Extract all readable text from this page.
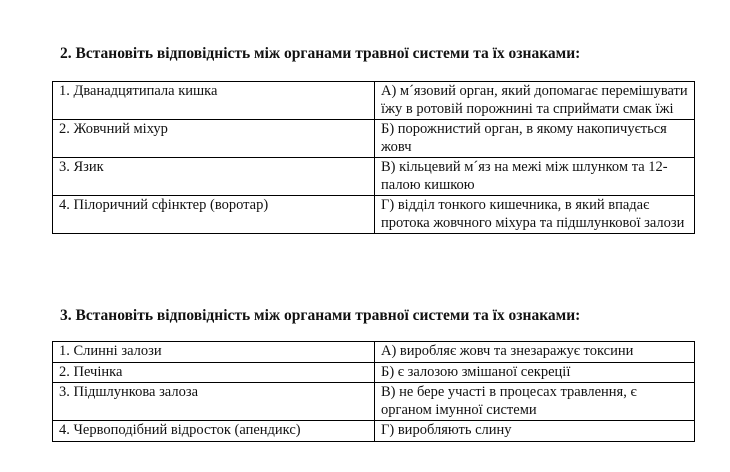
2. Встановіть відповідність між органами травної системи та їх ознаками:
1. Дванадцятипала кишка	А) м´язовий орган, який допомагає перемішувати їжу в ротовій порожнині та сприймати смак їжі
2. Жовчний міхур	Б) порожнистий орган, в якому накопичується жовч
3. Язик	В) кільцевий м´яз на межі між шлунком та 12-палою кишкою
4. Пілоричний сфінктер (воротар)	Г) відділ тонкого кишечника, в який впадає протока жовчного міхура та підшлункової залози
3. Встановіть відповідність між органами травної системи та їх ознаками:
1. Слинні залози	А) виробляє жовч та знезаражує токсини
2. Печінка	Б) є залозою змішаної секреції
3. Підшлункова залоза	В) не бере участі в процесах травлення, є органом імунної системи
4. Червоподібний відросток (апендикс)	Г) виробляють слину
